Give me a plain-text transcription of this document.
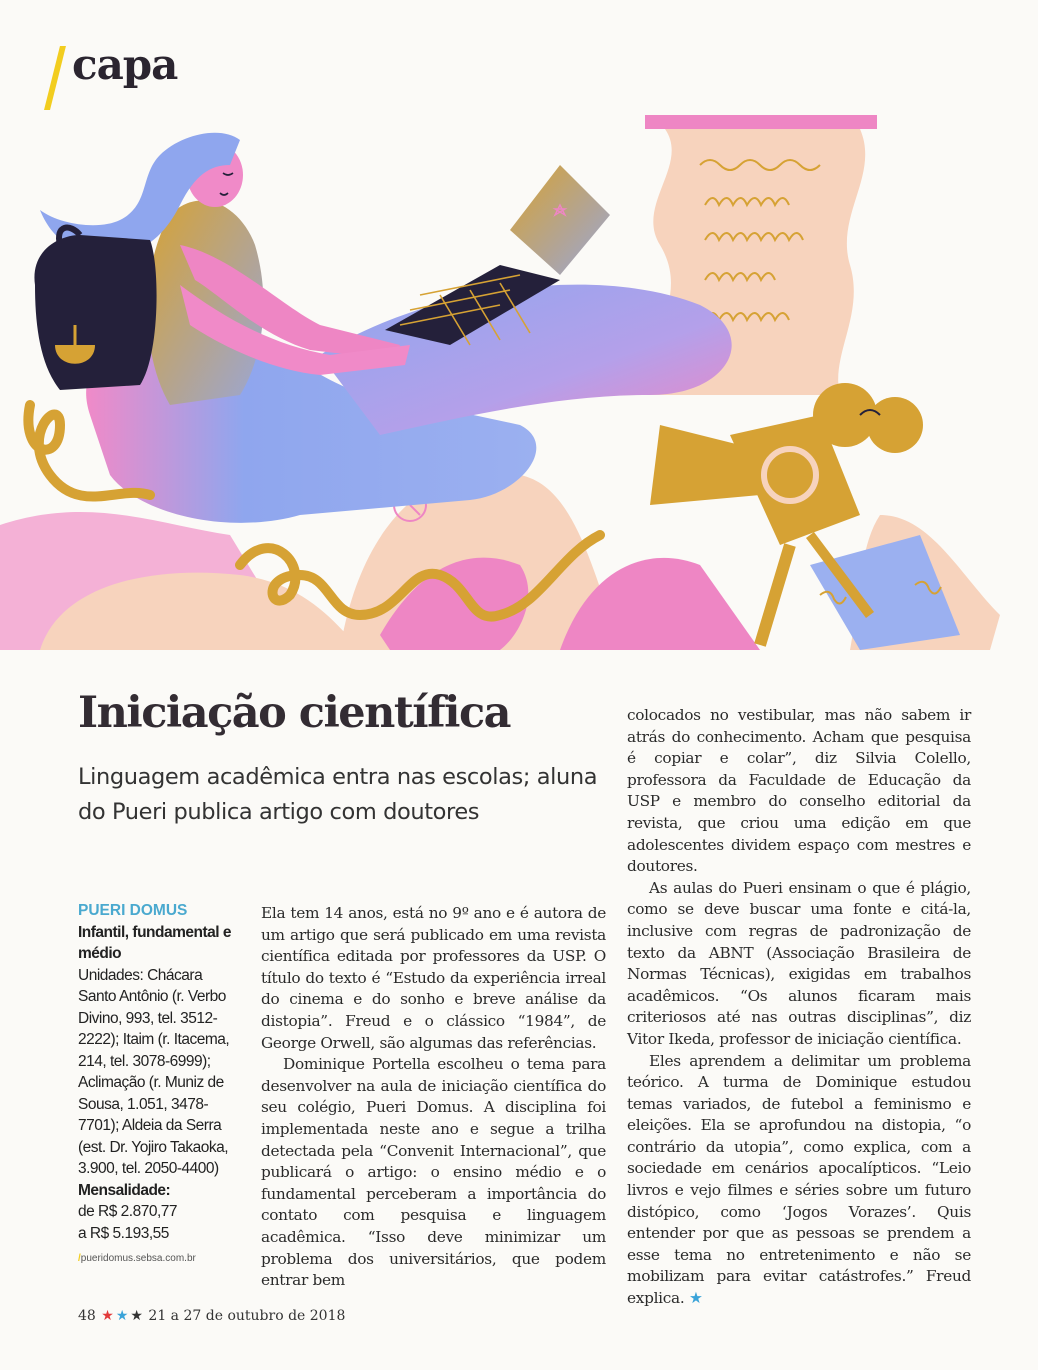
capa
Iniciação científica
Linguagem acadêmica entra nas escolas; aluna do Pueri publica artigo com doutores
PUERI DOMUS
Infantil, fundamental e médio
Unidades: Chácara Santo Antônio (r. Verbo Divino, 993, tel. 3512-2222); Itaim (r. Itacema, 214, tel. 3078-6999); Aclimação (r. Muniz de Sousa, 1.051, 3478-7701); Aldeia da Serra (est. Dr. Yojiro Takaoka, 3.900, tel. 2050-4400)
Mensalidade:
de R$ 2.870,77
a R$ 5.193,55
/pueridomus.sebsa.com.br

Ela tem 14 anos, está no 9º ano e é autora de um artigo que será publicado em uma revista científica editada por professores da USP. O título do texto é “Estudo da experiência irreal do cinema e do sonho e breve análise da distopia”. Freud e o clássico “1984”, de George Orwell, são algumas das referências.

Dominique Portella escolheu o tema para desenvolver na aula de iniciação científica do seu colégio, Pueri Domus. A disciplina foi implementada neste ano e segue a trilha detectada pela “Convenit Internacional”, que publicará o artigo: o ensino médio e o fundamental perceberam a importância do contato com pesquisa e linguagem acadêmica. “Isso deve minimizar um problema dos universitários, que podem entrar bem

colocados no vestibular, mas não sabem ir atrás do conhecimento. Acham que pesquisa é copiar e colar”, diz Silvia Colello, professora da Faculdade de Educação da USP e membro do conselho editorial da revista, que criou uma edição em que adolescentes dividem espaço com mestres e doutores.

As aulas do Pueri ensinam o que é plágio, como se deve buscar uma fonte e citá-la, inclusive com regras de padronização de texto da ABNT (Associação Brasileira de Normas Técnicas), exigidas em trabalhos acadêmicos. “Os alunos ficaram mais criteriosos até nas outras disciplinas”, diz Vitor Ikeda, professor de iniciação científica.

Eles aprendem a delimitar um problema teórico. A turma de Dominique estudou temas variados, de futebol a feminismo e eleições. Ela se aprofundou na distopia, “o contrário da utopia”, como explica, com a sociedade em cenários apocalípticos. “Leio livros e vejo filmes e séries sobre um futuro distópico, como ‘Jogos Vorazes’. Quis entender por que as pessoas se prendem a esse tema no entretenimento e não se mobilizam para evitar catástrofes.” Freud explica. ★

48 ★ ★ ★ 21 a 27 de outubro de 2018
